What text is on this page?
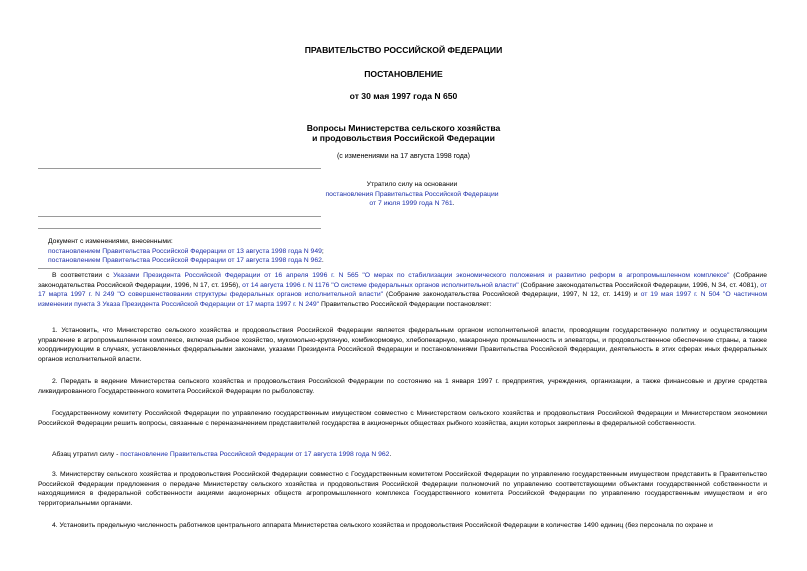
ПРАВИТЕЛЬСТВО РОССИЙСКОЙ ФЕДЕРАЦИИ
ПОСТАНОВЛЕНИЕ
от 30 мая 1997 года N 650
Вопросы Министерства сельского хозяйства
и продовольствия Российской Федерации
(с изменениями на 17 августа 1998 года)
Утратило силу на основании
постановления Правительства Российской Федерации
от 7 июля 1999 года N 761.
Документ с изменениями, внесенными:
постановлением Правительства Российской Федерации от 13 августа 1998 года N 949;
постановлением Правительства Российской Федерации от 17 августа 1998 года N 962.

В соответствии с Указами Президента Российской Федерации от 16 апреля 1996 г. N 565 "О мерах по стабилизации экономического положения и развитию реформ в агропромышленном комплексе" (Собрание законодательства Российской Федерации, 1996, N 17, ст. 1956), от 14 августа 1996 г. N 1176 "О системе федеральных органов исполнительной власти" (Собрание законодательства Российской Федерации, 1996, N 34, ст. 4081), от 17 марта 1997 г. N 249 "О совершенствовании структуры федеральных органов исполнительной власти" (Собрание законодательства Российской Федерации, 1997, N 12, ст. 1419) и от 19 мая 1997 г. N 504 "О частичном изменении пункта 3 Указа Президента Российской Федерации от 17 марта 1997 г. N 249" Правительство Российской Федерации постановляет:

1. Установить, что Министерство сельского хозяйства и продовольствия Российской Федерации является федеральным органом исполнительной власти, проводящим государственную политику и осуществляющим управление в агропромышленном комплексе, включая рыбное хозяйство, мукомольно-крупяную, комбикормовую, хлебопекарную, макаронную промышленность и элеваторы, и продовольственное обеспечение страны, а также координирующим в случаях, установленных федеральными законами, указами Президента Российской Федерации и постановлениями Правительства Российской Федерации, деятельность в этих сферах иных федеральных органов исполнительной власти.

2. Передать в ведение Министерства сельского хозяйства и продовольствия Российской Федерации по состоянию на 1 января 1997 г. предприятия, учреждения, организации, а также финансовые и другие средства ликвидированного Государственного комитета Российской Федерации по рыболовству.

Государственному комитету Российской Федерации по управлению государственным имуществом совместно с Министерством сельского хозяйства и продовольствия Российской Федерации и Министерством экономики Российской Федерации решить вопросы, связанные с переназначением представителей государства в акционерных обществах рыбного хозяйства, акции которых закреплены в федеральной собственности.

Абзац утратил силу - постановление Правительства Российской Федерации от 17 августа 1998 года N 962.

3. Министерству сельского хозяйства и продовольствия Российской Федерации совместно с Государственным комитетом Российской Федерации по управлению государственным имуществом представить в Правительство Российской Федерации предложения о передаче Министерству сельского хозяйства и продовольствия Российской Федерации полномочий по управлению соответствующими объектами государственной собственности и находящимися в федеральной собственности акциями акционерных обществ агропромышленного комплекса Государственного комитета Российской Федерации по управлению государственным имуществом и его территориальными органами.

4. Установить предельную численность работников центрального аппарата Министерства сельского хозяйства и продовольствия Российской Федерации в количестве 1490 единиц (без персонала по охране и
